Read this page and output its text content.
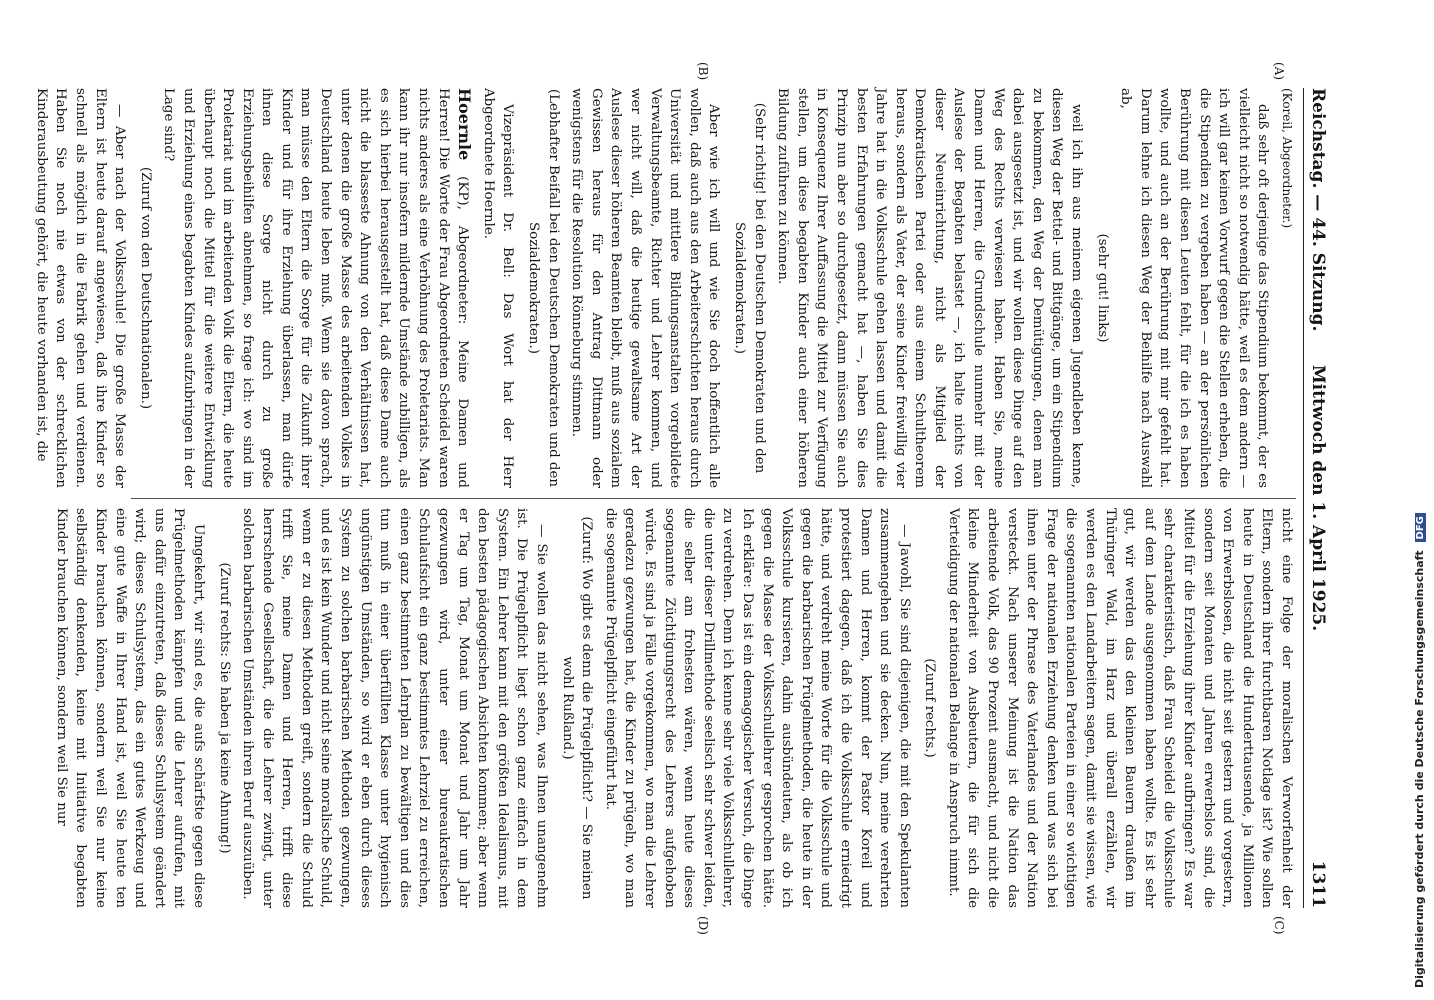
Reichstag. — 44. Sitzung.
Mittwoch den 1. April 1925.
1311
(A)
(B)
(C)
(D)

(Koreil, Abgeordneter.)

daß sehr oft derjenige das Stipendium bekommt, der es vielleicht nicht so notwendig hätte, weil es dem andern — ich will gar keinen Vorwurf gegen die Stellen erheben, die die Stipendien zu vergeben haben — an der persönlichen Berührung mit diesen Leuten fehlt, für die ich es haben wollte, und auch an der Berührung mit mir gefehlt hat. Darum lehne ich diesen Weg der Beihilfe nach Auswahl ab,

(sehr gut! links)

weil ich ihn aus meinem eigenen Jugendleben kenne, diesen Weg der Bettel- und Bittgänge, um ein Stipendium zu bekommen, den Weg der Demütigungen, denen man dabei ausgesetzt ist, und wir wollen diese Dinge auf den Weg des Rechts verwiesen haben. Haben Sie, meine Damen und Herren, die Grundschule nunmehr mit der Auslese der Begabten belastet —, ich halte nichts von dieser Neueinrichtung, nicht als Mitglied der Demokratischen Partei oder aus einem Schultheorem heraus, sondern als Vater, der seine Kinder freiwillig vier Jahre hat in die Volksschule gehen lassen und damit die besten Erfahrungen gemacht hat —, haben Sie dies Prinzip nun aber so durchgesetzt, dann müssen Sie auch in Konsequenz Ihrer Auffassung die Mittel zur Verfügung stellen, um diese begabten Kinder auch einer höheren Bildung zuführen zu können.

(Sehr richtig! bei den Deutschen Demokraten und den Sozialdemokraten.)

Aber wie ich will und wie Sie doch hoffentlich alle wollen, daß auch aus den Arbeiterschichten heraus durch Universität und mittlere Bildungsanstalten vorgebildete Verwaltungsbeamte, Richter und Lehrer kommen, und wer nicht will, daß die heutige gewaltsame Art der Auslese dieser höheren Beamten bleibt, muß aus sozialem Gewissen heraus für den Antrag Dittmann oder wenigstens für die Resolution Rönneburg stimmen.

(Lebhafter Beifall bei den Deutschen Demokraten und den Sozialdemokraten.)

Vizepräsident Dr. Bell: Das Wort hat der Herr Abgeordnete Hoernle.

Hoernle (KP), Abgeordneter: Meine Damen und Herren! Die Worte der Frau Abgeordneten Scheidel waren nichts anderes als eine Verhöhnung des Proletariats. Man kann ihr nur insofern mildernde Umstände zubilligen, als es sich hierbei herausgestellt hat, daß diese Dame auch nicht die blasseste Ahnung von den Verhältnissen hat, unter denen die große Masse des arbeitenden Volkes in Deutschland heute leben muß. Wenn sie davon sprach, man müsse den Eltern die Sorge für die Zukunft ihrer Kinder und für ihre Erziehung überlassen, man dürfe ihnen diese Sorge nicht durch zu große Erziehungsbeihilfen abnehmen, so frage ich: wo sind im Proletariat und im arbeitenden Volk die Eltern, die heute überhaupt noch die Mittel für die weitere Entwicklung und Erziehung eines begabten Kindes aufzubringen in der Lage sind?

(Zuruf von den Deutschnationalen.)

— Aber nach der Volksschule! Die große Masse der Eltern ist heute darauf angewiesen, daß ihre Kinder so schnell als möglich in die Fabrik gehen und verdienen. Haben Sie noch nie etwas von der schrecklichen Kinderausbeutung gehört, die heute vorhanden ist, die

nicht eine Folge der moralischen Verworfenheit der Eltern, sondern ihrer furchtbaren Notlage ist? Wie sollen heute in Deutschland die Hunderttausende, ja Millionen von Erwerbslosen, die nicht seit gestern und vorgestern, sondern seit Monaten und Jahren erwerbslos sind, die Mittel für die Erziehung ihrer Kinder aufbringen? Es war sehr charakteristisch, daß Frau Scheidel die Volksschule auf dem Lande ausgenommen haben wollte. Es ist sehr gut, wir werden das den kleinen Bauern draußen im Thüringer Wald, im Harz und überall erzählen, wir werden es den Landarbeitern sagen, damit sie wissen, wie die sogenannten nationalen Parteien in einer so wichtigen Frage der nationalen Erziehung denken und was sich bei ihnen unter der Phrase des Vaterlandes und der Nation versteckt. Nach unserer Meinung ist die Nation das arbeitende Volk, das 90 Prozent ausmacht, und nicht die kleine Minderheit von Ausbeutern, die für sich die Verteidigung der nationalen Belange in Anspruch nimmt.

(Zuruf rechts.)

— Jawohl, Sie sind diejenigen, die mit den Spekulanten zusammengehen und sie decken. Nun, meine verehrten Damen und Herren, kommt der Pastor Koreil und protestiert dagegen, daß ich die Volksschule erniedrigt hätte, und verdreht meine Worte für die Volksschule und gegen die barbarischen Prügelmethoden, die heute in der Volksschule kursieren, dahin ausbündeuten, als ob ich gegen die Masse der Volksschullehrer gesprochen hätte. Ich erkläre: Das ist ein demagogischer Versuch, die Dinge zu verdrehen. Denn ich kenne sehr viele Volksschullehrer, die unter dieser Drillmethode seelisch sehr schwer leiden, die selber am frohesten wären, wenn heute dieses sogenannte Züchtigungsrecht des Lehrers aufgehoben würde. Es sind ja Fälle vorgekommen, wo man die Lehrer geradezu gezwungen hat, die Kinder zu prügeln, wo man die sogenannte Prügelpflicht eingeführt hat.

(Zuruf: Wo gibt es denn die Prügelpflicht? — Sie meinen wohl Rußland.)

— Sie wollen das nicht sehen, was Ihnen unangenehm ist. Die Prügelpflicht liegt schon ganz einfach in dem System. Ein Lehrer kann mit den größten Idealismus, mit den besten pädagogischen Absichten kommen; aber wenn er Tag um Tag, Monat um Monat und Jahr um Jahr gezwungen wird, unter einer bureaukratischen Schulaufsicht ein ganz bestimmtes Lehrziel zu erreichen, einen ganz bestimmten Lehrplan zu bewältigen und dies tun muß in einer überfüllten Klasse unter hygienisch ungünstigen Umständen, so wird er eben durch dieses System zu solchen barbarischen Methoden gezwungen, und es ist kein Wunder und nicht seine moralische Schuld, wenn er zu diesen Methoden greift, sondern die Schuld trifft Sie, meine Damen und Herren, trifft diese herrschende Gesellschaft, die die Lehrer zwingt, unter solchen barbarischen Umständen ihren Beruf auszuüben.

(Zuruf rechts: Sie haben ja keine Ahnung!)

Umgekehrt, wir sind es, die aufs schärfste gegen diese Prügelmethoden kämpfen und die Lehrer aufrufen, mit uns dafür einzutreten, daß dieses Schulsystem geändert wird; dieses Schulsystem, das ein gutes Werkzeug und eine gute Waffe in Ihrer Hand ist, weil Sie heute ten Kinder brauchen können, sondern weil Sie nur keine selbständig denkenden, keine mit Initiative begabten Kinder brauchen können, sondern weil Sie nur	Digitalisierung gefördert durch die Deutsche Forschungsgemeinschaft DFG
